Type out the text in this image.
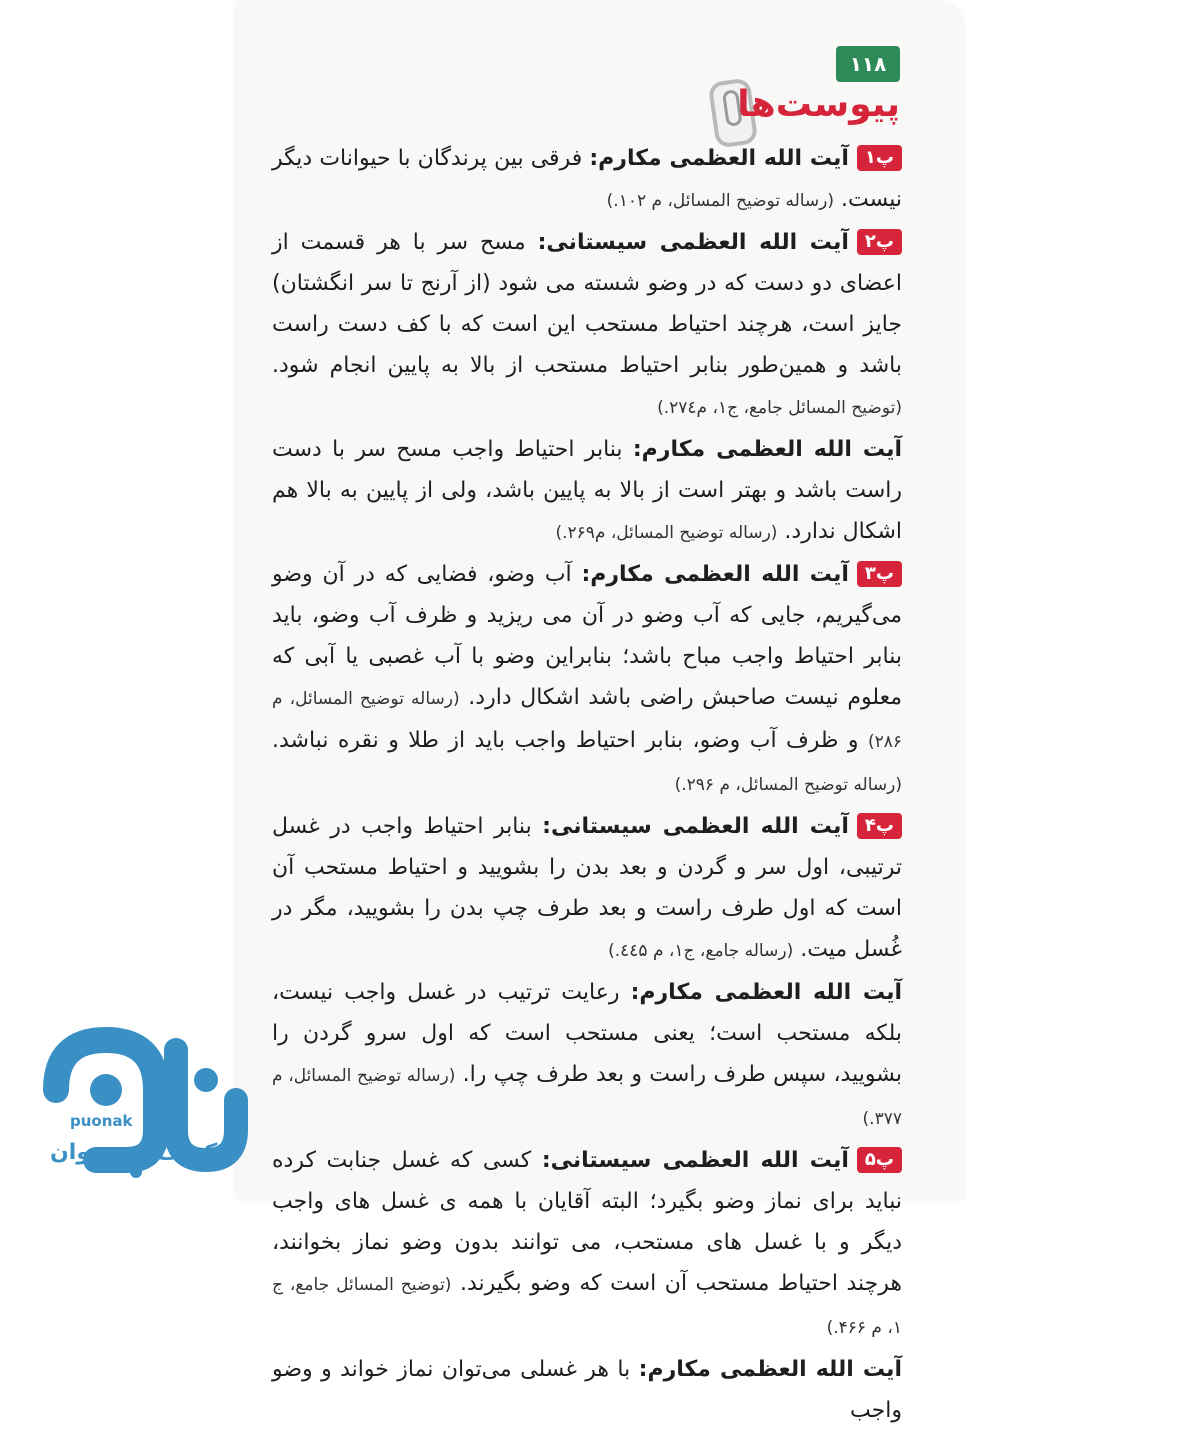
۱۱۸
پیوست‌ها

پ۱آیت الله العظمی مکارم: فرقی بین پرندگان با حیوانات دیگر نیست. (رساله توضیح المسائل، م ۱۰۲.)

پ۲آیت الله العظمی سیستانی: مسح سر با هر قسمت از اعضای دو دست که در وضو شسته می شود (از آرنج تا سر انگشتان) جایز است، هرچند احتیاط مستحب این است که با کف دست راست باشد و همین‌طور بنابر احتیاط مستحب از بالا به پایین انجام شود. (توضیح المسائل جامع، ج۱، م۲۷٤.)

آیت الله العظمی مکارم: بنابر احتیاط واجب مسح سر با دست راست باشد و بهتر است از بالا به پایین باشد، ولی از پایین به بالا هم اشکال ندارد. (رساله توضیح المسائل، م۲۶۹.)

پ۳آیت الله العظمی مکارم: آب وضو، فضایی که در آن وضو می‌گیریم، جایی که آب وضو در آن می ریزید و ظرف آب وضو، باید بنابر احتیاط واجب مباح باشد؛ بنابراین وضو با آب غصبی یا آبی که معلوم نیست صاحبش راضی باشد اشکال دارد. (رساله توضیح المسائل، م ۲۸۶) و ظرف آب وضو، بنابر احتیاط واجب باید از طلا و نقره نباشد. (رساله توضیح المسائل، م ۲۹۶.)

پ۴آیت الله العظمی سیستانی: بنابر احتیاط واجب در غسل ترتیبی، اول سر و گردن و بعد بدن را بشویید و احتیاط مستحب آن است که اول طرف راست و بعد طرف چپ بدن را بشویید، مگر در غُسل میت. (رساله جامع، ج۱، م ٤٤۵.)

آیت الله العظمی مکارم: رعایت ترتیب در غسل واجب نیست، بلکه مستحب است؛ یعنی مستحب است که اول سرو گردن را بشویید، سپس طرف راست و بعد طرف چپ را. (رساله توضیح المسائل، م ۳۷۷.)

پ۵آیت الله العظمی سیستانی: کسی که غسل جنابت کرده نباید برای نماز وضو بگیرد؛ البته آقایان با همه ی غسل های واجب دیگر و با غسل های مستحب، می توانند بدون وضو نماز بخوانند، هرچند احتیاط مستحب آن است که وضو بگیرند. (توضیح المسائل جامع، ج ۱، م ۴۶۶.)

آیت الله العظمی مکارم: با هر غسلی می‌توان نماز خواند و وضو واجب

puonak
کودک و نوجوان
